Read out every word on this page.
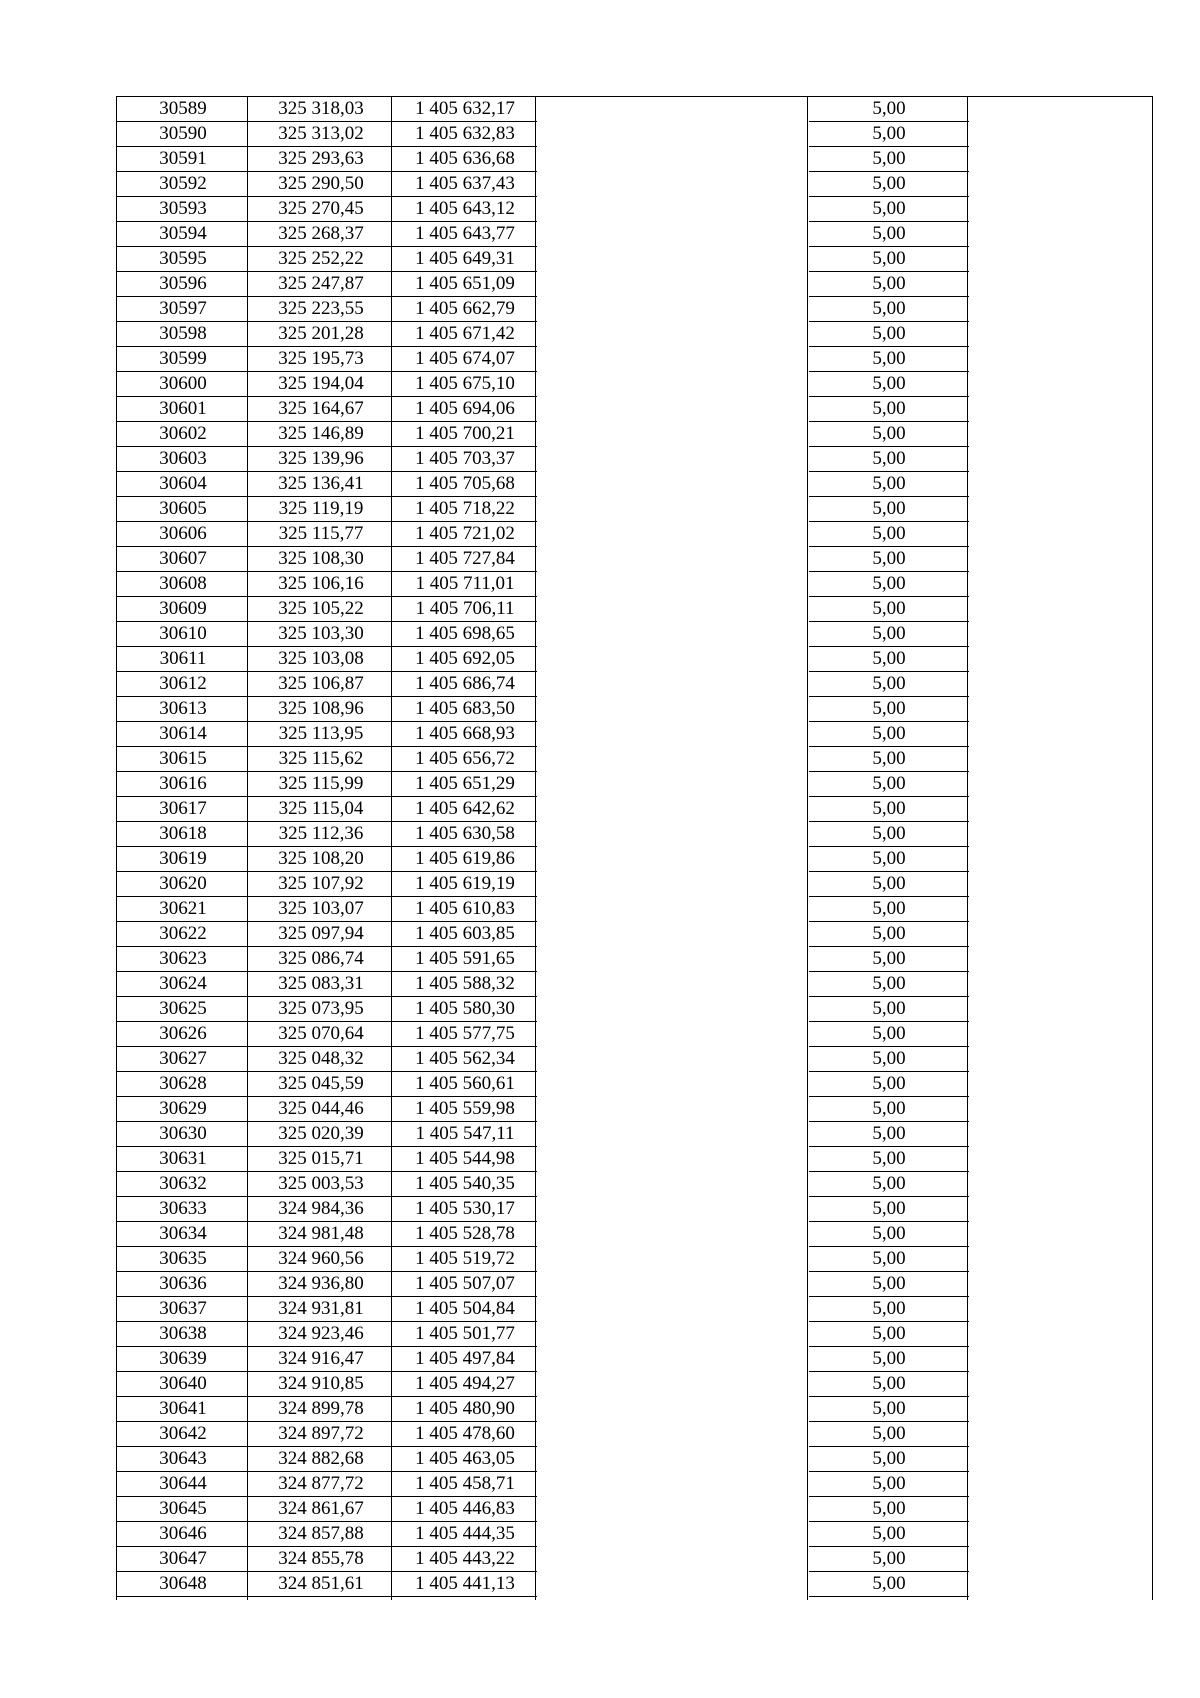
30589	325 318,03	1 405 632,17		5,00	
30590	325 313,02	1 405 632,83		5,00	
30591	325 293,63	1 405 636,68		5,00	
30592	325 290,50	1 405 637,43		5,00	
30593	325 270,45	1 405 643,12		5,00	
30594	325 268,37	1 405 643,77		5,00	
30595	325 252,22	1 405 649,31		5,00	
30596	325 247,87	1 405 651,09		5,00	
30597	325 223,55	1 405 662,79		5,00	
30598	325 201,28	1 405 671,42		5,00	
30599	325 195,73	1 405 674,07		5,00	
30600	325 194,04	1 405 675,10		5,00	
30601	325 164,67	1 405 694,06		5,00	
30602	325 146,89	1 405 700,21		5,00	
30603	325 139,96	1 405 703,37		5,00	
30604	325 136,41	1 405 705,68		5,00	
30605	325 119,19	1 405 718,22		5,00	
30606	325 115,77	1 405 721,02		5,00	
30607	325 108,30	1 405 727,84		5,00	
30608	325 106,16	1 405 711,01		5,00	
30609	325 105,22	1 405 706,11		5,00	
30610	325 103,30	1 405 698,65		5,00	
30611	325 103,08	1 405 692,05		5,00	
30612	325 106,87	1 405 686,74		5,00	
30613	325 108,96	1 405 683,50		5,00	
30614	325 113,95	1 405 668,93		5,00	
30615	325 115,62	1 405 656,72		5,00	
30616	325 115,99	1 405 651,29		5,00	
30617	325 115,04	1 405 642,62		5,00	
30618	325 112,36	1 405 630,58		5,00	
30619	325 108,20	1 405 619,86		5,00	
30620	325 107,92	1 405 619,19		5,00	
30621	325 103,07	1 405 610,83		5,00	
30622	325 097,94	1 405 603,85		5,00	
30623	325 086,74	1 405 591,65		5,00	
30624	325 083,31	1 405 588,32		5,00	
30625	325 073,95	1 405 580,30		5,00	
30626	325 070,64	1 405 577,75		5,00	
30627	325 048,32	1 405 562,34		5,00	
30628	325 045,59	1 405 560,61		5,00	
30629	325 044,46	1 405 559,98		5,00	
30630	325 020,39	1 405 547,11		5,00	
30631	325 015,71	1 405 544,98		5,00	
30632	325 003,53	1 405 540,35		5,00	
30633	324 984,36	1 405 530,17		5,00	
30634	324 981,48	1 405 528,78		5,00	
30635	324 960,56	1 405 519,72		5,00	
30636	324 936,80	1 405 507,07		5,00	
30637	324 931,81	1 405 504,84		5,00	
30638	324 923,46	1 405 501,77		5,00	
30639	324 916,47	1 405 497,84		5,00	
30640	324 910,85	1 405 494,27		5,00	
30641	324 899,78	1 405 480,90		5,00	
30642	324 897,72	1 405 478,60		5,00	
30643	324 882,68	1 405 463,05		5,00	
30644	324 877,72	1 405 458,71		5,00	
30645	324 861,67	1 405 446,83		5,00	
30646	324 857,88	1 405 444,35		5,00	
30647	324 855,78	1 405 443,22		5,00	
30648	324 851,61	1 405 441,13		5,00	
